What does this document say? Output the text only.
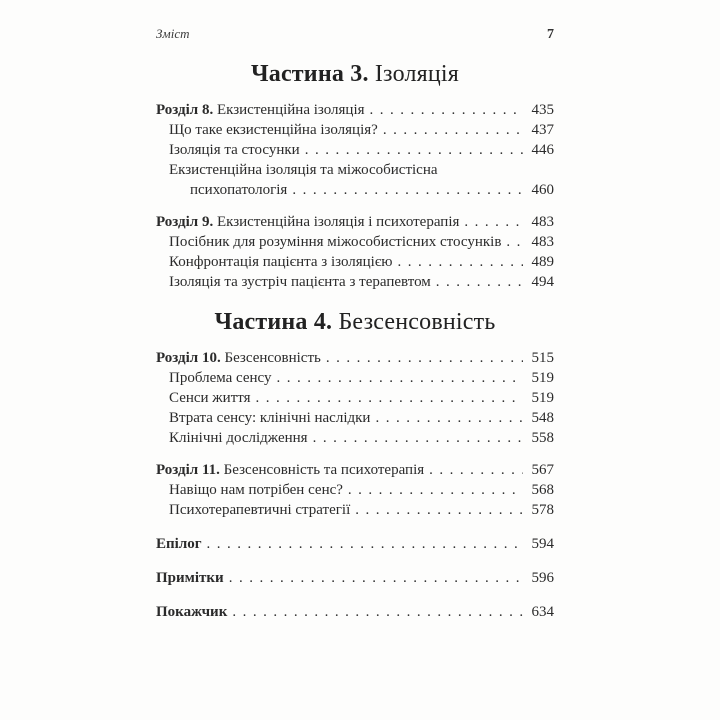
Зміст	7
Частина 3. Ізоляція
Розділ 8. Екзистенційна ізоляція .....	435
Що таке екзистенційна ізоляція? .....	437
Ізоляція та стосунки .....	446
Екзистенційна ізоляція та міжособистісна
психопатологія .....	460
Розділ 9. Екзистенційна ізоляція і психотерапія .....	483
Посібник для розуміння міжособистісних стосунків ..... 483
Конфронтація пацієнта з ізоляцією .....	489
Ізоляція та зустріч пацієнта з терапевтом .....	494
Частина 4. Безсенсовність
Розділ 10. Безсенсовність .....	515
Проблема сенсу .....	519
Сенси життя .....	519
Втрата сенсу: клінічні наслідки .....	548
Клінічні дослідження .....	558
Розділ 11. Безсенсовність та психотерапія .....	567
Навіщо нам потрібен сенс? .....	568
Психотерапевтичні стратегії .....	578
Епілог .....	594
Примітки .....	596
Покажчик .....	634
